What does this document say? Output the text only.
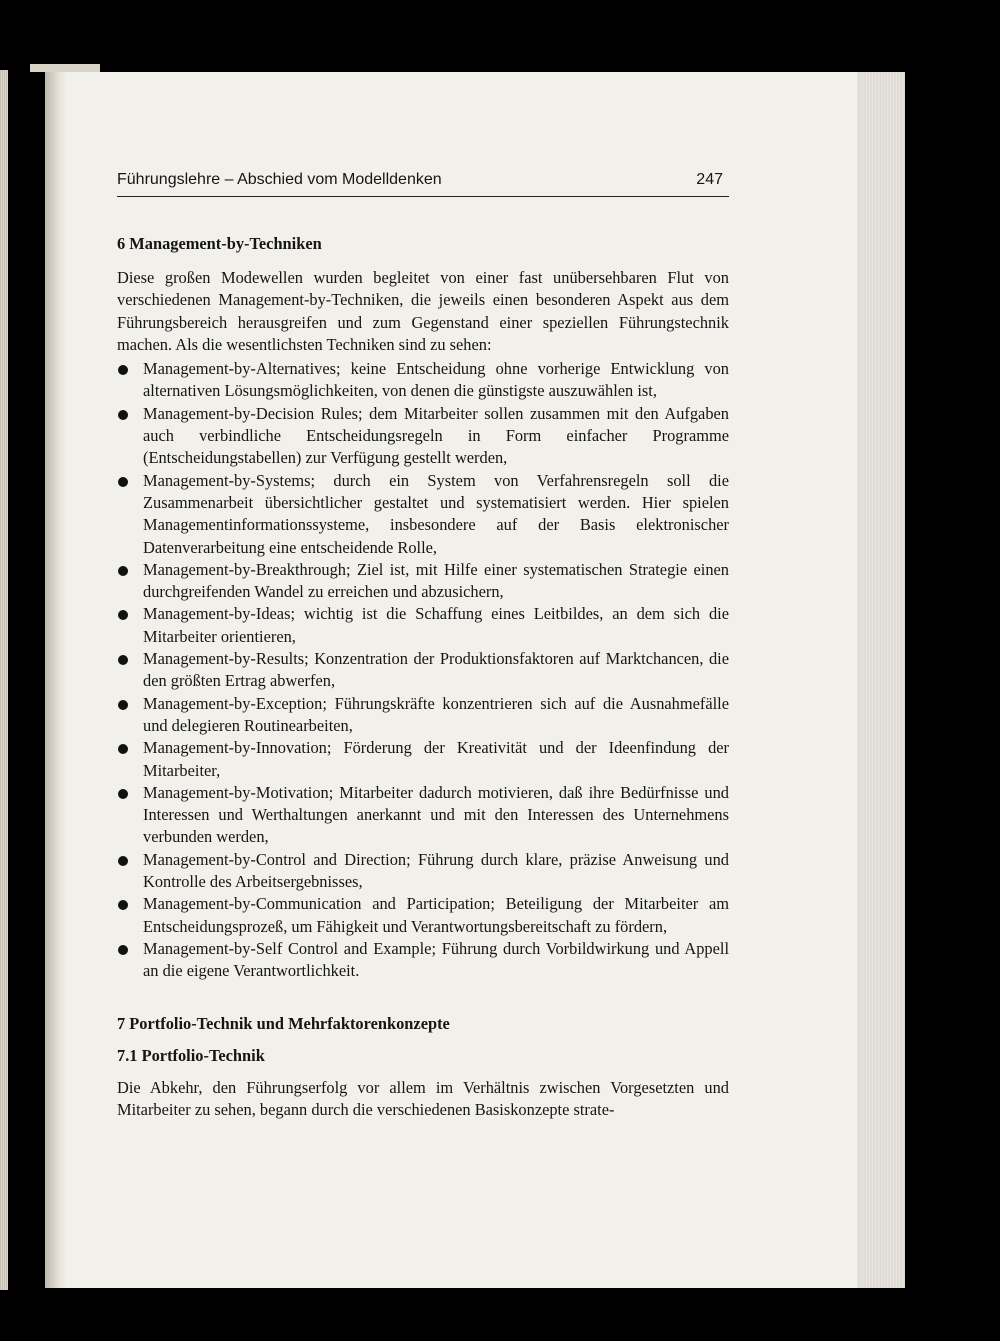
Führungslehre – Abschied vom Modelldenken	247
6 Management-by-Techniken

Diese großen Modewellen wurden begleitet von einer fast unübersehbaren Flut von verschiedenen Management-by-Techniken, die jeweils einen besonderen Aspekt aus dem Führungsbereich herausgreifen und zum Gegenstand einer speziellen Führungstechnik machen. Als die wesentlichsten Techniken sind zu sehen:

Management-by-Alternatives; keine Entscheidung ohne vorherige Entwicklung von alternativen Lösungsmöglichkeiten, von denen die günstigste auszuwählen ist,
Management-by-Decision Rules; dem Mitarbeiter sollen zusammen mit den Aufgaben auch verbindliche Entscheidungsregeln in Form einfacher Programme (Entscheidungstabellen) zur Verfügung gestellt werden,
Management-by-Systems; durch ein System von Verfahrensregeln soll die Zusammenarbeit übersichtlicher gestaltet und systematisiert werden. Hier spielen Managementinformationssysteme, insbesondere auf der Basis elektronischer Datenverarbeitung eine entscheidende Rolle,
Management-by-Breakthrough; Ziel ist, mit Hilfe einer systematischen Strategie einen durchgreifenden Wandel zu erreichen und abzusichern,
Management-by-Ideas; wichtig ist die Schaffung eines Leitbildes, an dem sich die Mitarbeiter orientieren,
Management-by-Results; Konzentration der Produktionsfaktoren auf Marktchancen, die den größten Ertrag abwerfen,
Management-by-Exception; Führungskräfte konzentrieren sich auf die Ausnahmefälle und delegieren Routinearbeiten,
Management-by-Innovation; Förderung der Kreativität und der Ideenfindung der Mitarbeiter,
Management-by-Motivation; Mitarbeiter dadurch motivieren, daß ihre Bedürfnisse und Interessen und Werthaltungen anerkannt und mit den Interessen des Unternehmens verbunden werden,
Management-by-Control and Direction; Führung durch klare, präzise Anweisung und Kontrolle des Arbeitsergebnisses,
Management-by-Communication and Participation; Beteiligung der Mitarbeiter am Entscheidungsprozeß, um Fähigkeit und Verantwortungsbereitschaft zu fördern,
Management-by-Self Control and Example; Führung durch Vorbildwirkung und Appell an die eigene Verantwortlichkeit.
7 Portfolio-Technik und Mehrfaktorenkonzepte
7.1 Portfolio-Technik

Die Abkehr, den Führungserfolg vor allem im Verhältnis zwischen Vorgesetzten und Mitarbeiter zu sehen, begann durch die verschiedenen Basiskonzepte strate-
